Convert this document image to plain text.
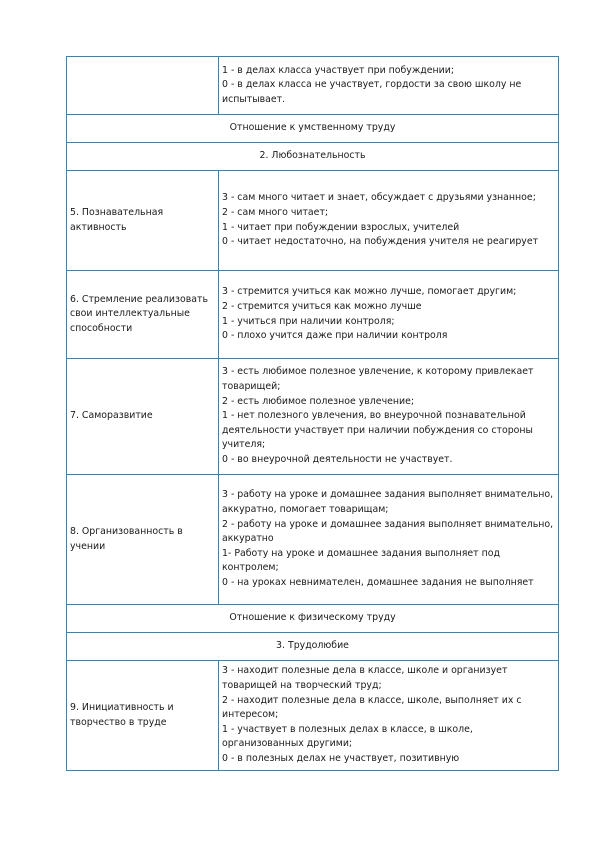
	1 - в делах класса участвует при побуждении;
0 - в делах класса не участвует, гордости за свою школу не испытывает.

Отношение к умственному труду	
2. Любознательность	
5. Познавательная активность	3 - сам много читает и знает, обсуждает с друзьями узнанное;
2 - сам много читает;
1 - читает при побуждении взрослых, учителей
0 - читает недостаточно, на побуждения учителя не реагирует

6. Стремление реализовать свои интеллектуальные способности	3 - стремится учиться как можно лучше, помогает другим;
2 - стремится учиться как можно лучше
1 - учиться при наличии контроля;
0 - плохо учится даже при наличии контроля

7. Саморазвитие	3 - есть любимое полезное увлечение, к которому привлекает товарищей;
2 - есть любимое полезное увлечение;
1 - нет полезного увлечения, во внеурочной познавательной деятельности участвует при наличии побуждения со стороны учителя;
0 - во внеурочной деятельности не участвует.

8. Организованность в учении	3 - работу на уроке и домашнее задания выполняет внимательно, аккуратно, помогает товарищам;
2 - работу на уроке и домашнее задания выполняет внимательно, аккуратно
1- Работу на уроке и домашнее задания выполняет под контролем;
0 - на уроках невнимателен, домашнее задания не выполняет

Отношение к физическому труду	
3. Трудолюбие	
9. Инициативность и творчество в труде	3 - находит полезные дела в классе, школе и организует товарищей на творческий труд;
2 - находит полезные дела в классе, школе, выполняет их с интересом;
1 - участвует в полезных делах в классе, в школе, организованных другими;
0 - в полезных делах не участвует, позитивную
